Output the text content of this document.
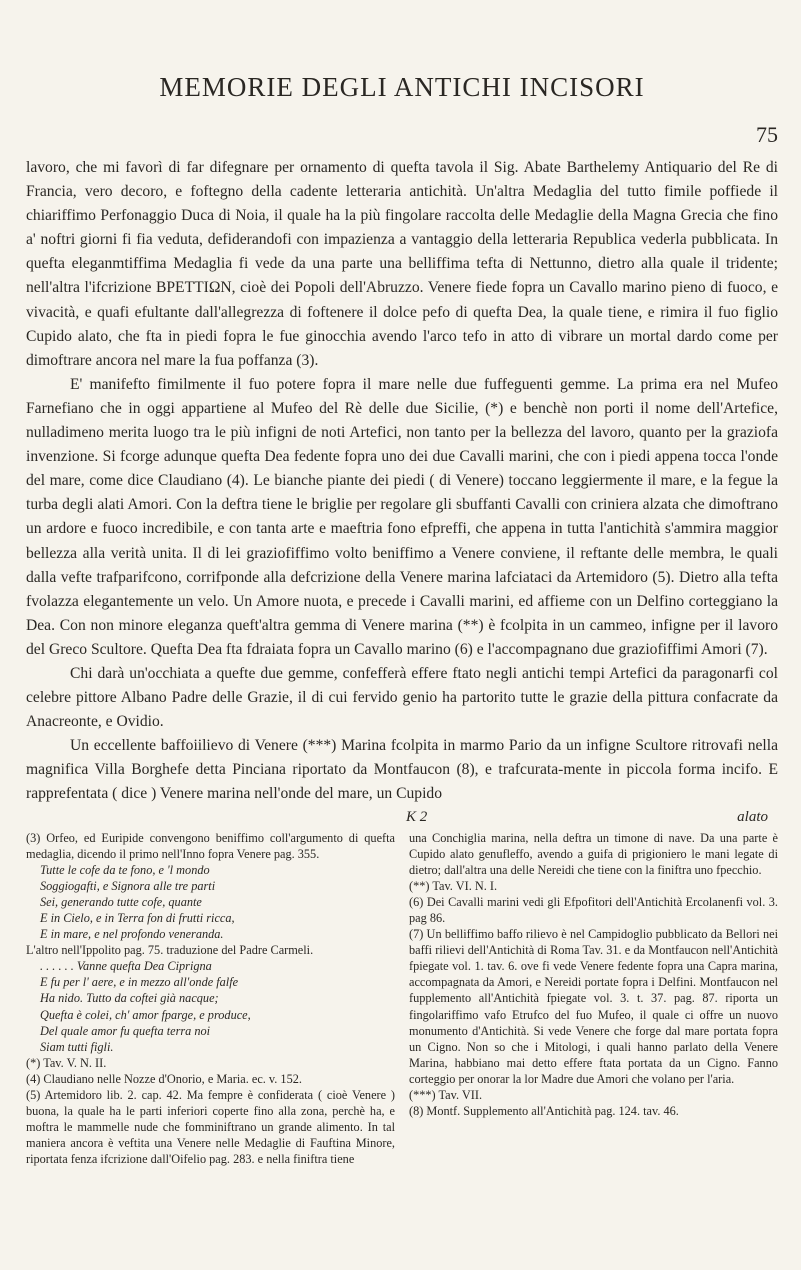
MEMORIE DEGLI ANTICHI INCISORI
75

lavoro, che mi favorì di far difegnare per ornamento di quefta tavola il Sig. Abate Barthelemy Antiquario del Re di Francia, vero decoro, e foftegno della cadente letteraria antichità. Un'altra Medaglia del tutto fimile poffiede il chiariffimo Perfonaggio Duca di Noia, il quale ha la più fingolare raccolta delle Medaglie della Magna Grecia che fino a' noftri giorni fi fia veduta, defiderandofi con impazienza a vantaggio della letteraria Republica vederla pubblicata. In quefta eleganmtiffima Medaglia fi vede da una parte una belliffima tefta di Nettunno, dietro alla quale il tridente; nell'altra l'ifcrizione BPETTIΩN, cioè dei Popoli dell'Abruzzo. Venere fiede fopra un Cavallo marino pieno di fuoco, e vivacità, e quafi efultante dall'allegrezza di foftenere il dolce pefo di quefta Dea, la quale tiene, e rimira il fuo figlio Cupido alato, che fta in piedi fopra le fue ginocchia avendo l'arco tefo in atto di vibrare un mortal dardo come per dimoftrare ancora nel mare la fua poffanza (3).

E' manifefto fimilmente il fuo potere fopra il mare nelle due fuffeguenti gemme. La prima era nel Mufeo Farnefiano che in oggi appartiene al Mufeo del Rè delle due Sicilie, (*) e benchè non porti il nome dell'Artefice, nulladimeno merita luogo tra le più infigni de noti Artefici, non tanto per la bellezza del lavoro, quanto per la graziofa invenzione. Si fcorge adunque quefta Dea fedente fopra uno dei due Cavalli marini, che con i piedi appena tocca l'onde del mare, come dice Claudiano (4). Le bianche piante dei piedi ( di Venere) toccano leggiermente il mare, e la fegue la turba degli alati Amori. Con la deftra tiene le briglie per regolare gli sbuffanti Cavalli con criniera alzata che dimoftrano un ardore e fuoco incredibile, e con tanta arte e maeftria fono efpreffi, che appena in tutta l'antichità s'ammira maggior bellezza alla verità unita. Il di lei graziofiffimo volto beniffimo a Venere conviene, il reftante delle membra, le quali dalla vefte trafparifcono, corrifponde alla defcrizione della Venere marina lafciataci da Artemidoro (5). Dietro alla tefta fvolazza elegantemente un velo. Un Amore nuota, e precede i Cavalli marini, ed affieme con un Delfino corteggiano la Dea. Con non minore eleganza queft'altra gemma di Venere marina (**) è fcolpita in un cammeo, infigne per il lavoro del Greco Scultore. Quefta Dea fta fdraiata fopra un Cavallo marino (6) e l'accompagnano due graziofiffimi Amori (7).

Chi darà un'occhiata a quefte due gemme, confefferà effere ftato negli antichi tempi Artefici da paragonarfi col celebre pittore Albano Padre delle Grazie, il di cui fervido genio ha partorito tutte le grazie della pittura confacrate da Anacreonte, e Ovidio.

Un eccellente baffoiilievo di Venere (***) Marina fcolpita in marmo Pario da un infigne Scultore ritrovafi nella magnifica Villa Borghefe detta Pinciana riportato da Montfaucon (8), e trafcurata-mente in piccola forma incifo. E rapprefentata ( dice ) Venere marina nell'onde del mare, un Cupido

K 2	alato

(3) Orfeo, ed Euripide convengono beniffimo coll'argumento di quefta medaglia, dicendo il primo nell'Inno fopra Venere pag. 355.

Tutte le cofe da te fono, e 'l mondo

Soggiogafti, e Signora alle tre parti

Sei, generando tutte cofe, quante

E in Cielo, e in Terra fon di frutti ricca,

E in mare, e nel profondo veneranda.

L'altro nell'Ippolito pag. 75. traduzione del Padre Carmeli.

. . . . . . Vanne quefta Dea Ciprigna

E fu per l' aere, e in mezzo all'onde falfe

Ha nido. Tutto da coftei già nacque;

Quefta è colei, ch' amor fparge, e produce,

Del quale amor fu quefta terra noi

Siam tutti figli.

(*) Tav. V. N. II.

(4) Claudiano nelle Nozze d'Onorio, e Maria. ec. v. 152.

(5) Artemidoro lib. 2. cap. 42. Ma fempre è confiderata ( cioè Venere ) buona, la quale ha le parti inferiori coperte fino alla zona, perchè ha, e moftra le mammelle nude che fomminiftrano un grande alimento. In tal maniera ancora è veftita una Venere nelle Medaglie di Fauftina Minore, riportata fenza ifcrizione dall'Oifelio pag. 283. e nella finiftra tiene

una Conchiglia marina, nella deftra un timone di nave. Da una parte è Cupido alato genufleffo, avendo a guifa di prigioniero le mani legate di dietro; dall'altra una delle Nereidi che tiene con la finiftra uno fpecchio.

(**) Tav. VI. N. I.

(6) Dei Cavalli marini vedi gli Efpofitori dell'Antichità Ercolanenfi vol. 3. pag 86.

(7) Un belliffimo baffo rilievo è nel Campidoglio pubblicato da Bellori nei baffi rilievi dell'Antichità di Roma Tav. 31. e da Montfaucon nell'Antichità fpiegate vol. 1. tav. 6. ove fi vede Venere fedente fopra una Capra marina, accompagnata da Amori, e Nereidi portate fopra i Delfini. Montfaucon nel fupplemento all'Antichità fpiegate vol. 3. t. 37. pag. 87. riporta un fingolariffimo vafo Etrufco del fuo Mufeo, il quale ci offre un nuovo monumento d'Antichità. Si vede Venere che forge dal mare portata fopra un Cigno. Non so che i Mitologi, i quali hanno parlato della Venere Marina, habbiano mai detto effere ftata portata da un Cigno. Fanno corteggio per onorar la lor Madre due Amori che volano per l'aria.

(***) Tav. VII.

(8) Montf. Supplemento all'Antichità pag. 124. tav. 46.
